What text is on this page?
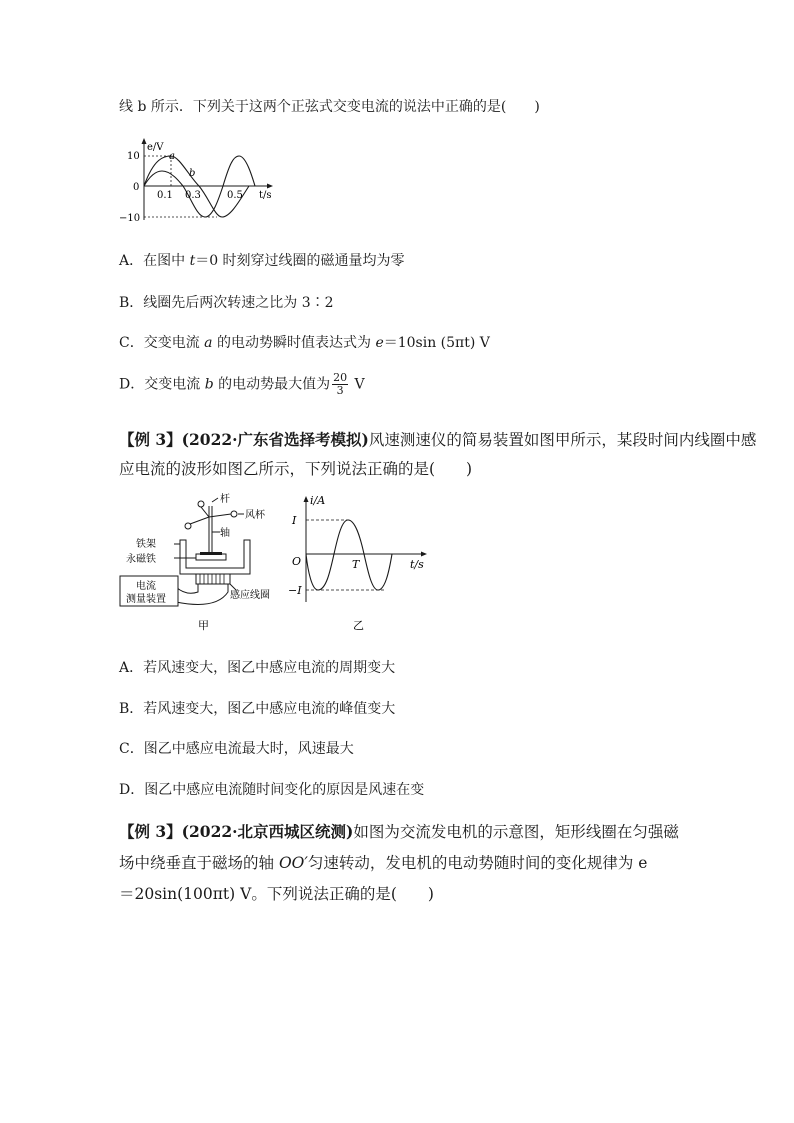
线 b 所示．下列关于这两个正弦式交变电流的说法中正确的是(　　)
a
b
e/V
t/s
10
0
−10
0.1 0.3	0.5
A．在图中 t＝0 时刻穿过线圈的磁通量均为零
B．线圈先后两次转速之比为 3∶2
C．交变电流 a 的电动势瞬时值表达式为 e＝10sin (5πt) V
D．交变电流 b 的电动势最大值为 $\frac{20}{3}$ V
【例 3】(2022·广东省选择考模拟)风速测速仪的简易装置如图甲所示，某段时间内线圈中感
应电流的波形如图乙所示，下列说法正确的是(　　)
杆
风杯
轴
铁架
永磁铁
感应线圈
电流
测量装置
甲
i/A
t/s
I
−I
O	T
乙
A．若风速变大，图乙中感应电流的周期变大
B．若风速变大，图乙中感应电流的峰值变大
C．图乙中感应电流最大时，风速最大
D．图乙中感应电流随时间变化的原因是风速在变
【例 3】(2022·北京西城区统测)如图为交流发电机的示意图，矩形线圈在匀强磁
场中绕垂直于磁场的轴 OO′匀速转动，发电机的电动势随时间的变化规律为 e
＝20sin(100πt) V。下列说法正确的是(　　)
